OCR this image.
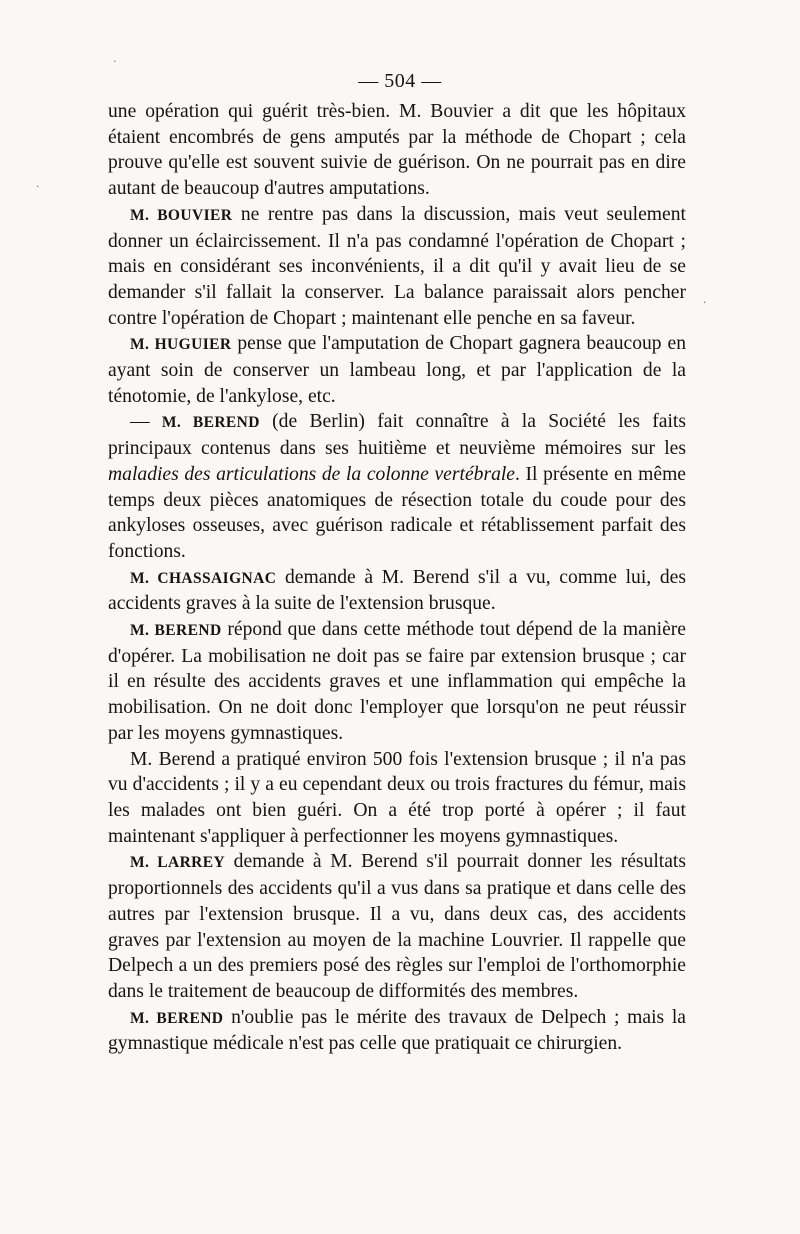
·
·
·
— 504 —

une opération qui guérit très-bien. M. Bouvier a dit que les hôpitaux étaient encombrés de gens amputés par la méthode de Chopart ; cela prouve qu'elle est souvent suivie de guérison. On ne pourrait pas en dire autant de beaucoup d'autres amputations.

M. BOUVIER ne rentre pas dans la discussion, mais veut seulement donner un éclaircissement. Il n'a pas condamné l'opération de Chopart ; mais en considérant ses inconvénients, il a dit qu'il y avait lieu de se demander s'il fallait la conserver. La balance paraissait alors pencher contre l'opération de Chopart ; maintenant elle penche en sa faveur.

M. HUGUIER pense que l'amputation de Chopart gagnera beaucoup en ayant soin de conserver un lambeau long, et par l'application de la ténotomie, de l'ankylose, etc.

— M. BEREND (de Berlin) fait connaître à la Société les faits principaux contenus dans ses huitième et neuvième mémoires sur les maladies des articulations de la colonne vertébrale. Il présente en même temps deux pièces anatomiques de résection totale du coude pour des ankyloses osseuses, avec guérison radicale et rétablissement parfait des fonctions.

M. CHASSAIGNAC demande à M. Berend s'il a vu, comme lui, des accidents graves à la suite de l'extension brusque.

M. BEREND répond que dans cette méthode tout dépend de la manière d'opérer. La mobilisation ne doit pas se faire par extension brusque ; car il en résulte des accidents graves et une inflammation qui empêche la mobilisation. On ne doit donc l'employer que lorsqu'on ne peut réussir par les moyens gymnastiques.

M. Berend a pratiqué environ 500 fois l'extension brusque ; il n'a pas vu d'accidents ; il y a eu cependant deux ou trois fractures du fémur, mais les malades ont bien guéri. On a été trop porté à opérer ; il faut maintenant s'appliquer à perfectionner les moyens gymnastiques.

M. LARREY demande à M. Berend s'il pourrait donner les résultats proportionnels des accidents qu'il a vus dans sa pratique et dans celle des autres par l'extension brusque. Il a vu, dans deux cas, des accidents graves par l'extension au moyen de la machine Louvrier. Il rappelle que Delpech a un des premiers posé des règles sur l'emploi de l'orthomorphie dans le traitement de beaucoup de difformités des membres.

M. BEREND n'oublie pas le mérite des travaux de Delpech ; mais la gymnastique médicale n'est pas celle que pratiquait ce chirurgien.
